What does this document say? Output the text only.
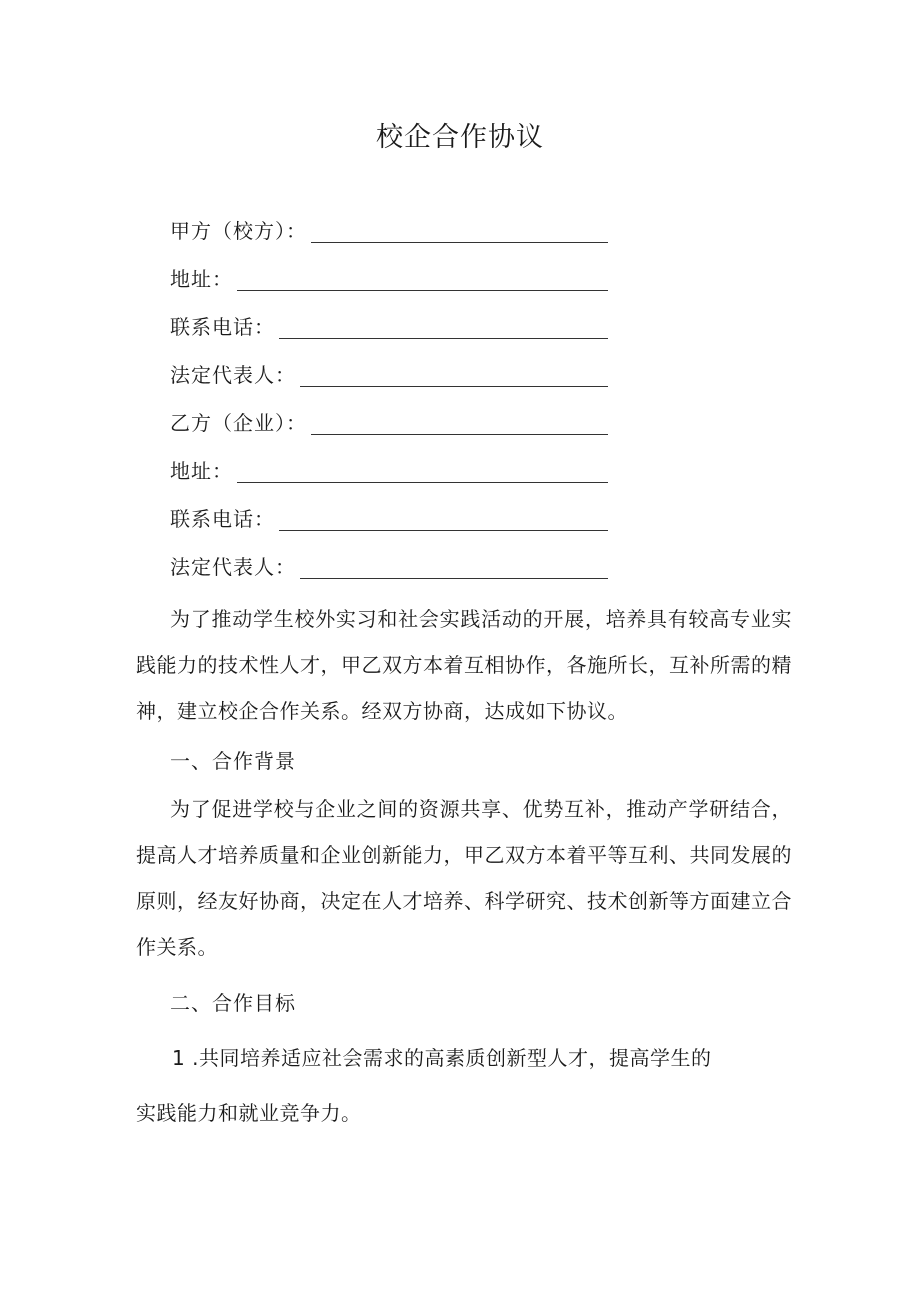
校企合作协议
甲方（校方）：
地址：
联系电话：
法定代表人：
乙方（企业）：
地址：
联系电话：
法定代表人：

为了推动学生校外实习和社会实践活动的开展，培养具有较高专业实践能力的技术性人才，甲乙双方本着互相协作，各施所长，互补所需的精神，建立校企合作关系。经双方协商，达成如下协议。

一、合作背景

为了促进学校与企业之间的资源共享、优势互补，推动产学研结合，提高人才培养质量和企业创新能力，甲乙双方本着平等互利、共同发展的原则，经友好协商，决定在人才培养、科学研究、技术创新等方面建立合作关系。

二、合作目标

1 .共同培养适应社会需求的高素质创新型人才，提高学生的

实践能力和就业竞争力。
